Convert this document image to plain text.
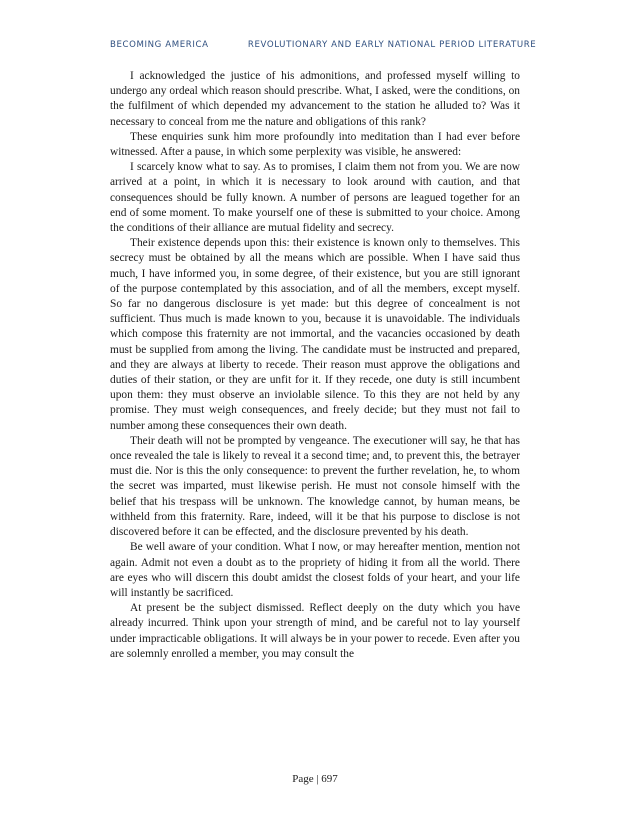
BECOMING AMERICA	REVOLUTIONARY AND EARLY NATIONAL PERIOD LITERATURE

I acknowledged the justice of his admonitions, and professed myself willing to undergo any ordeal which reason should prescribe. What, I asked, were the conditions, on the fulfilment of which depended my advancement to the station he alluded to? Was it necessary to conceal from me the nature and obligations of this rank?

These enquiries sunk him more profoundly into meditation than I had ever before witnessed. After a pause, in which some perplexity was visible, he answered:

I scarcely know what to say. As to promises, I claim them not from you. We are now arrived at a point, in which it is necessary to look around with caution, and that consequences should be fully known. A number of persons are leagued together for an end of some moment. To make yourself one of these is submitted to your choice. Among the conditions of their alliance are mutual fidelity and secrecy.

Their existence depends upon this: their existence is known only to themselves. This secrecy must be obtained by all the means which are possible. When I have said thus much, I have informed you, in some degree, of their existence, but you are still ignorant of the purpose contemplated by this association, and of all the members, except myself. So far no dangerous disclosure is yet made: but this degree of concealment is not sufficient. Thus much is made known to you, because it is unavoidable. The individuals which compose this fraternity are not immortal, and the vacancies occasioned by death must be supplied from among the living. The candidate must be instructed and prepared, and they are always at liberty to recede. Their reason must approve the obligations and duties of their station, or they are unfit for it. If they recede, one duty is still incumbent upon them: they must observe an inviolable silence. To this they are not held by any promise. They must weigh consequences, and freely decide; but they must not fail to number among these consequences their own death.

Their death will not be prompted by vengeance. The executioner will say, he that has once revealed the tale is likely to reveal it a second time; and, to prevent this, the betrayer must die. Nor is this the only consequence: to prevent the further revelation, he, to whom the secret was imparted, must likewise perish. He must not console himself with the belief that his trespass will be unknown. The knowledge cannot, by human means, be withheld from this fraternity. Rare, indeed, will it be that his purpose to disclose is not discovered before it can be effected, and the disclosure prevented by his death.

Be well aware of your condition. What I now, or may hereafter mention, mention not again. Admit not even a doubt as to the propriety of hiding it from all the world. There are eyes who will discern this doubt amidst the closest folds of your heart, and your life will instantly be sacrificed.

At present be the subject dismissed. Reflect deeply on the duty which you have already incurred. Think upon your strength of mind, and be careful not to lay yourself under impracticable obligations. It will always be in your power to recede. Even after you are solemnly enrolled a member, you may consult the

Page | 697
